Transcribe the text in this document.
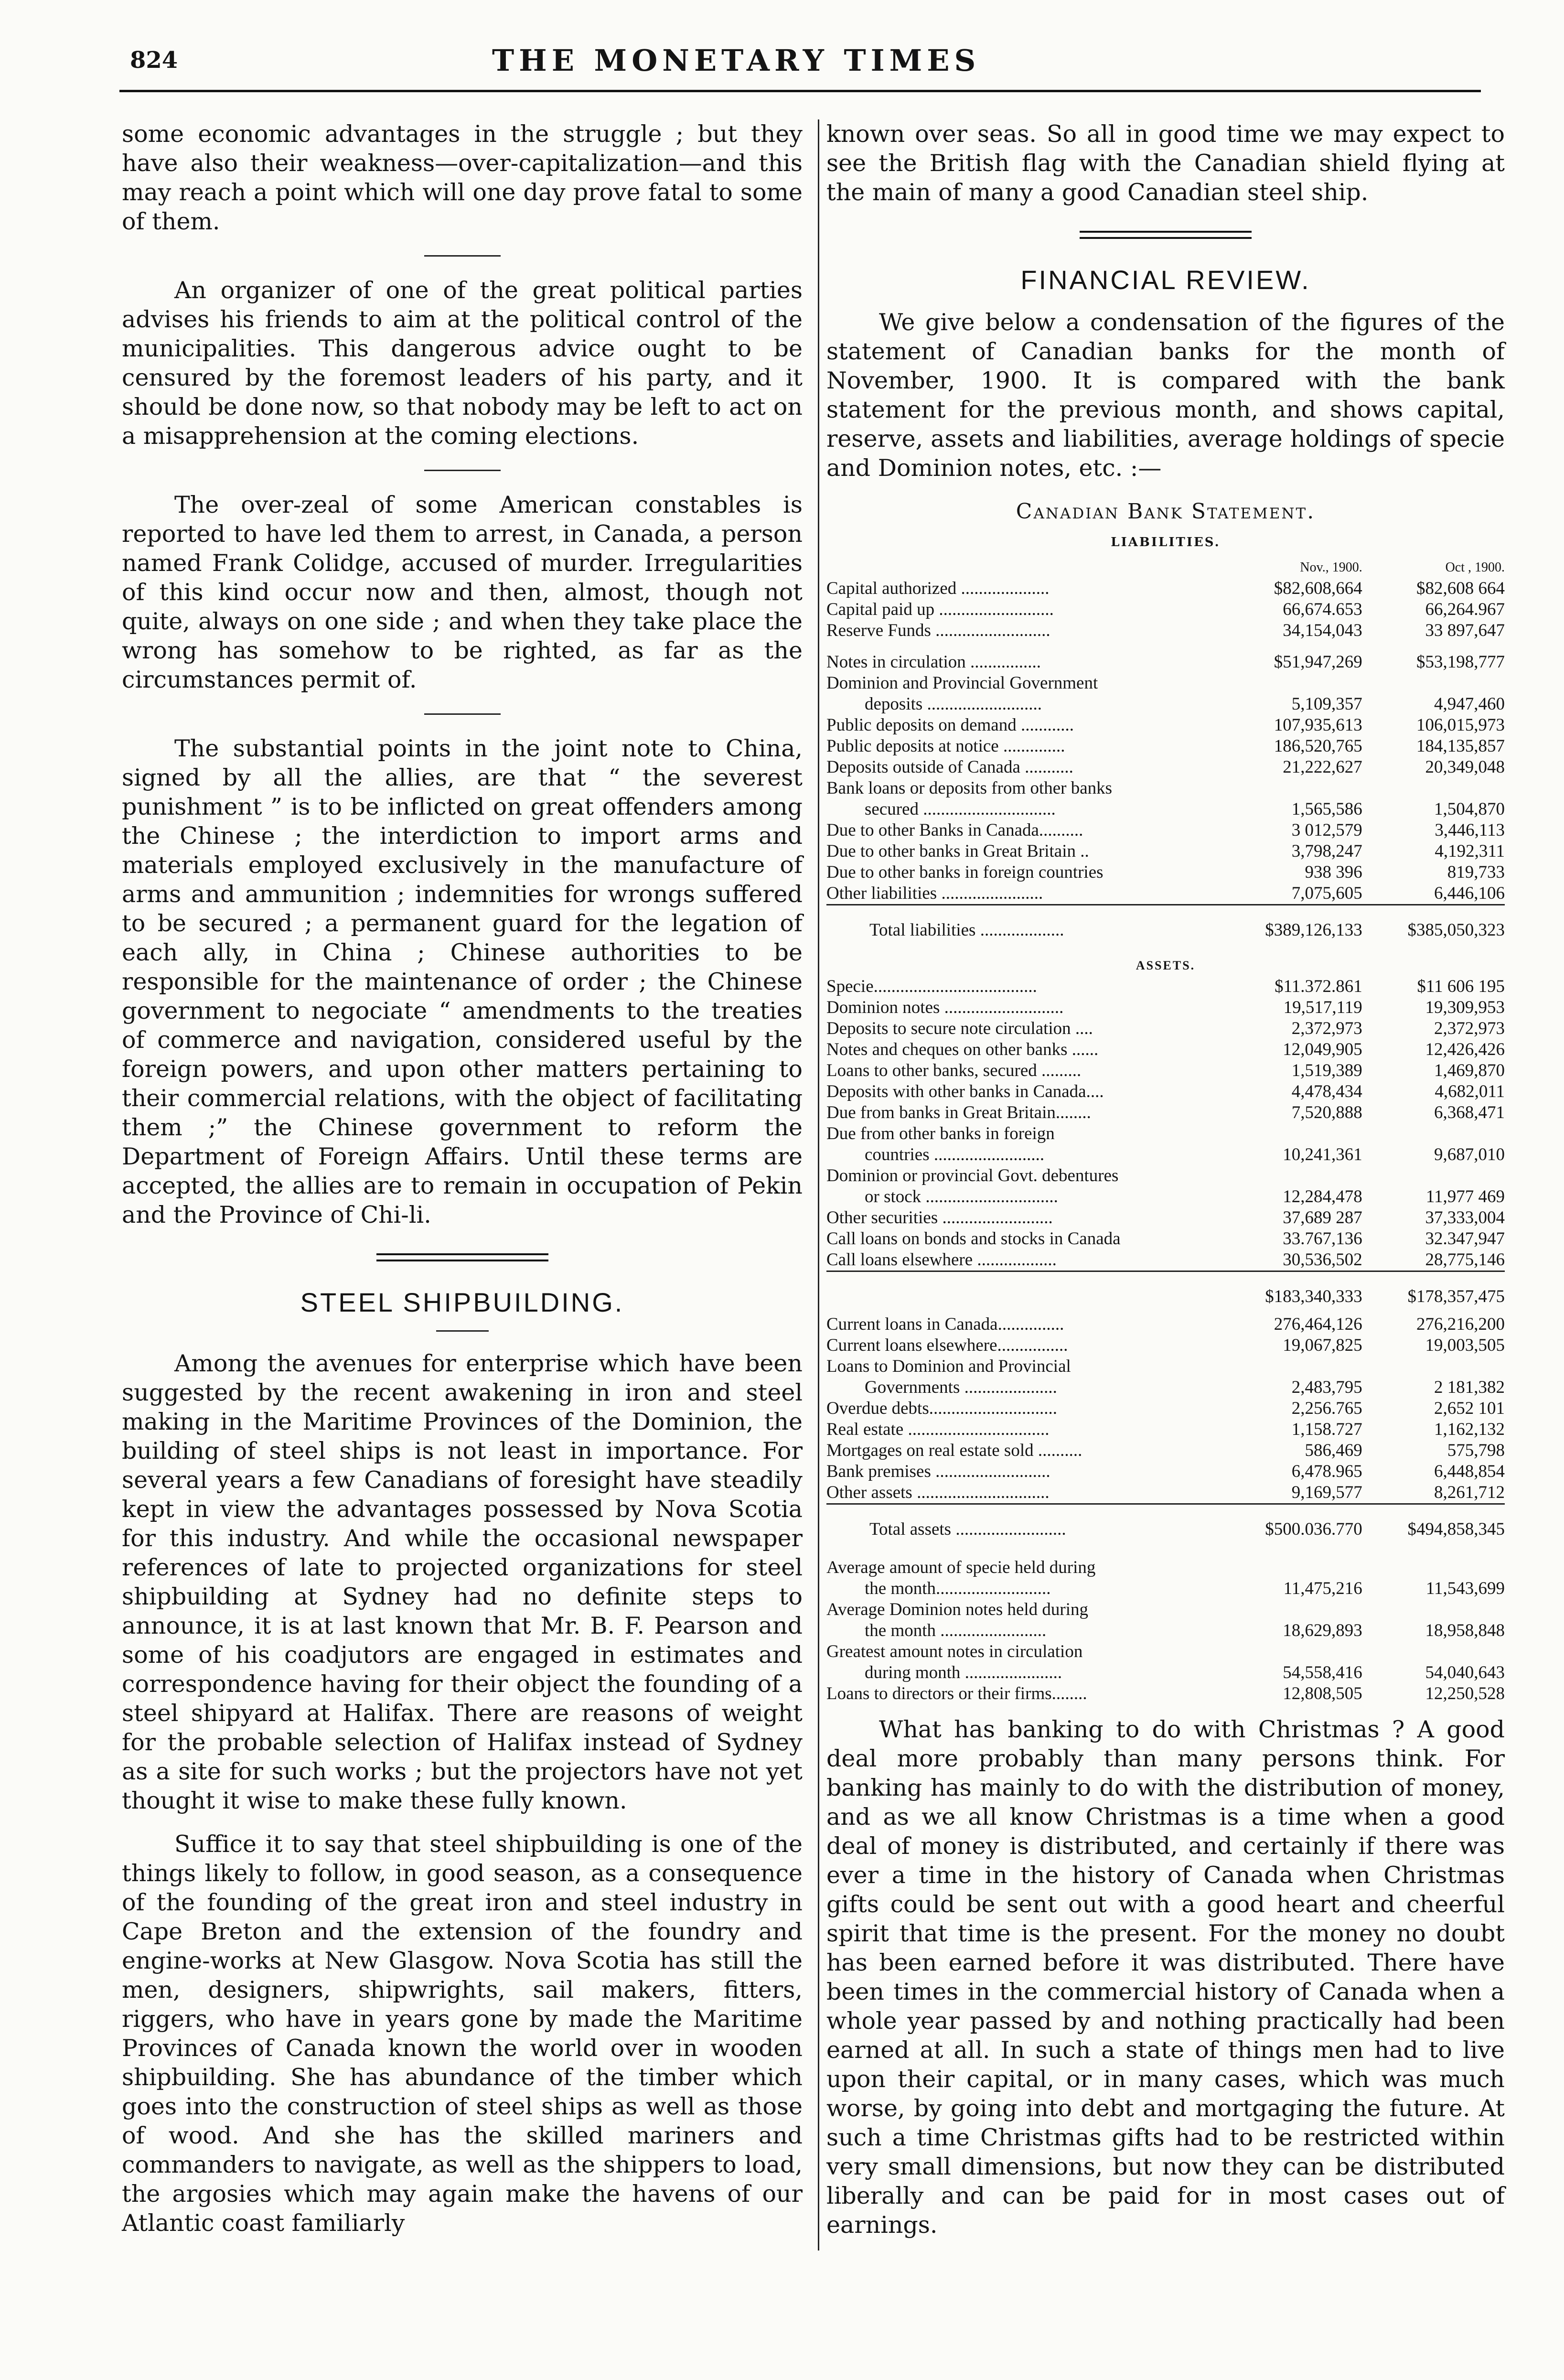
824	THE MONETARY TIMES

some economic advantages in the struggle ; but they have also their weakness—over-capitalization—and this may reach a point which will one day prove fatal to some of them.

An organizer of one of the great political parties advises his friends to aim at the political control of the municipalities. This dangerous advice ought to be censured by the foremost leaders of his party, and it should be done now, so that nobody may be left to act on a misapprehension at the coming elections.

The over-zeal of some American constables is reported to have led them to arrest, in Canada, a person named Frank Colidge, accused of murder. Irregularities of this kind occur now and then, almost, though not quite, always on one side ; and when they take place the wrong has somehow to be righted, as far as the circumstances permit of.

The substantial points in the joint note to China, signed by all the allies, are that “ the severest punishment ” is to be inflicted on great offenders among the Chinese ; the interdiction to import arms and materials employed exclusively in the manufacture of arms and ammunition ; indemnities for wrongs suffered to be secured ; a permanent guard for the legation of each ally, in China ; Chinese authorities to be responsible for the maintenance of order ; the Chinese government to negociate “ amendments to the treaties of commerce and navigation, considered useful by the foreign powers, and upon other matters pertaining to their commercial relations, with the object of facilitating them ;” the Chinese government to reform the Department of Foreign Affairs. Until these terms are accepted, the allies are to remain in occupation of Pekin and the Province of Chi-li.

STEEL SHIPBUILDING.

Among the avenues for enterprise which have been suggested by the recent awakening in iron and steel making in the Maritime Provinces of the Dominion, the building of steel ships is not least in importance. For several years a few Canadians of foresight have steadily kept in view the advantages possessed by Nova Scotia for this industry. And while the occasional newspaper references of late to projected organizations for steel shipbuilding at Sydney had no definite steps to announce, it is at last known that Mr. B. F. Pearson and some of his coadjutors are engaged in estimates and correspondence having for their object the founding of a steel shipyard at Halifax. There are reasons of weight for the probable selection of Halifax instead of Sydney as a site for such works ; but the projectors have not yet thought it wise to make these fully known.

Suffice it to say that steel shipbuilding is one of the things likely to follow, in good season, as a consequence of the founding of the great iron and steel industry in Cape Breton and the extension of the foundry and engine-works at New Glasgow. Nova Scotia has still the men, designers, shipwrights, sail makers, fitters, riggers, who have in years gone by made the Maritime Provinces of Canada known the world over in wooden shipbuilding. She has abundance of the timber which goes into the construction of steel ships as well as those of wood. And she has the skilled mariners and commanders to navigate, as well as the shippers to load, the argosies which may again make the havens of our Atlantic coast familiarly

known over seas. So all in good time we may expect to see the British flag with the Canadian shield flying at the main of many a good Canadian steel ship.

FINANCIAL REVIEW.

We give below a condensation of the figures of the statement of Canadian banks for the month of November, 1900. It is compared with the bank statement for the previous month, and shows capital, reserve, assets and liabilities, average holdings of specie and Dominion notes, etc. :—

Canadian Bank Statement.
LIABILITIES.
	Nov., 1900.	Oct , 1900.
Capital authorized ....................	$82,608,664	$82,608 664
Capital paid up ..........................	66,674.653	66,264.967
Reserve Funds ..........................	34,154,043	33 897,647
Notes in circulation ................	$51,947,269	$53,198,777
Dominion and Provincial Government		
deposits ..........................	5,109,357	4,947,460
Public deposits on demand ............	107,935,613	106,015,973
Public deposits at notice ..............	186,520,765	184,135,857
Deposits outside of Canada ...........	21,222,627	20,349,048
Bank loans or deposits from other banks		
secured ..............................	1,565,586	1,504,870
Due to other Banks in Canada..........	3 012,579	3,446,113
Due to other banks in Great Britain ..	3,798,247	4,192,311
Due to other banks in foreign countries	938 396	819,733
Other liabilities .......................	7,075,605	6,446,106
Total liabilities ...................	$389,126,133	$385,050,323
ASSETS.		
Specie.....................................	$11.372.861	$11 606 195
Dominion notes ...........................	19,517,119	19,309,953
Deposits to secure note circulation ....	2,372,973	2,372,973
Notes and cheques on other banks ......	12,049,905	12,426,426
Loans to other banks, secured .........	1,519,389	1,469,870
Deposits with other banks in Canada....	4,478,434	4,682,011
Due from banks in Great Britain........	7,520,888	6,368,471
Due from other banks in foreign		
countries .........................	10,241,361	9,687,010
Dominion or provincial Govt. debentures		
or stock ..............................	12,284,478	11,977 469
Other securities .........................	37,689 287	37,333,004
Call loans on bonds and stocks in Canada	33.767,136	32.347,947
Call loans elsewhere ..................	30,536,502	28,775,146
	$183,340,333	$178,357,475
Current loans in Canada...............	276,464,126	276,216,200
Current loans elsewhere................	19,067,825	19,003,505
Loans to Dominion and Provincial		
Governments .....................	2,483,795	2 181,382
Overdue debts.............................	2,256.765	2,652 101
Real estate ................................	1,158.727	1,162,132
Mortgages on real estate sold ..........	586,469	575,798
Bank premises ..........................	6,478.965	6,448,854
Other assets ..............................	9,169,577	8,261,712
Total assets .........................	$500.036.770	$494,858,345
Average amount of specie held during		
the month..........................	11,475,216	11,543,699
Average Dominion notes held during		
the month ........................	18,629,893	18,958,848
Greatest amount notes in circulation		
during month ......................	54,558,416	54,040,643
Loans to directors or their firms........	12,808,505	12,250,528

What has banking to do with Christmas ? A good deal more probably than many persons think. For banking has mainly to do with the distribution of money, and as we all know Christmas is a time when a good deal of money is distributed, and certainly if there was ever a time in the history of Canada when Christmas gifts could be sent out with a good heart and cheerful spirit that time is the present. For the money no doubt has been earned before it was distributed. There have been times in the commercial history of Canada when a whole year passed by and nothing practically had been earned at all. In such a state of things men had to live upon their capital, or in many cases, which was much worse, by going into debt and mortgaging the future. At such a time Christmas gifts had to be restricted within very small dimensions, but now they can be distributed liberally and can be paid for in most cases out of earnings.
